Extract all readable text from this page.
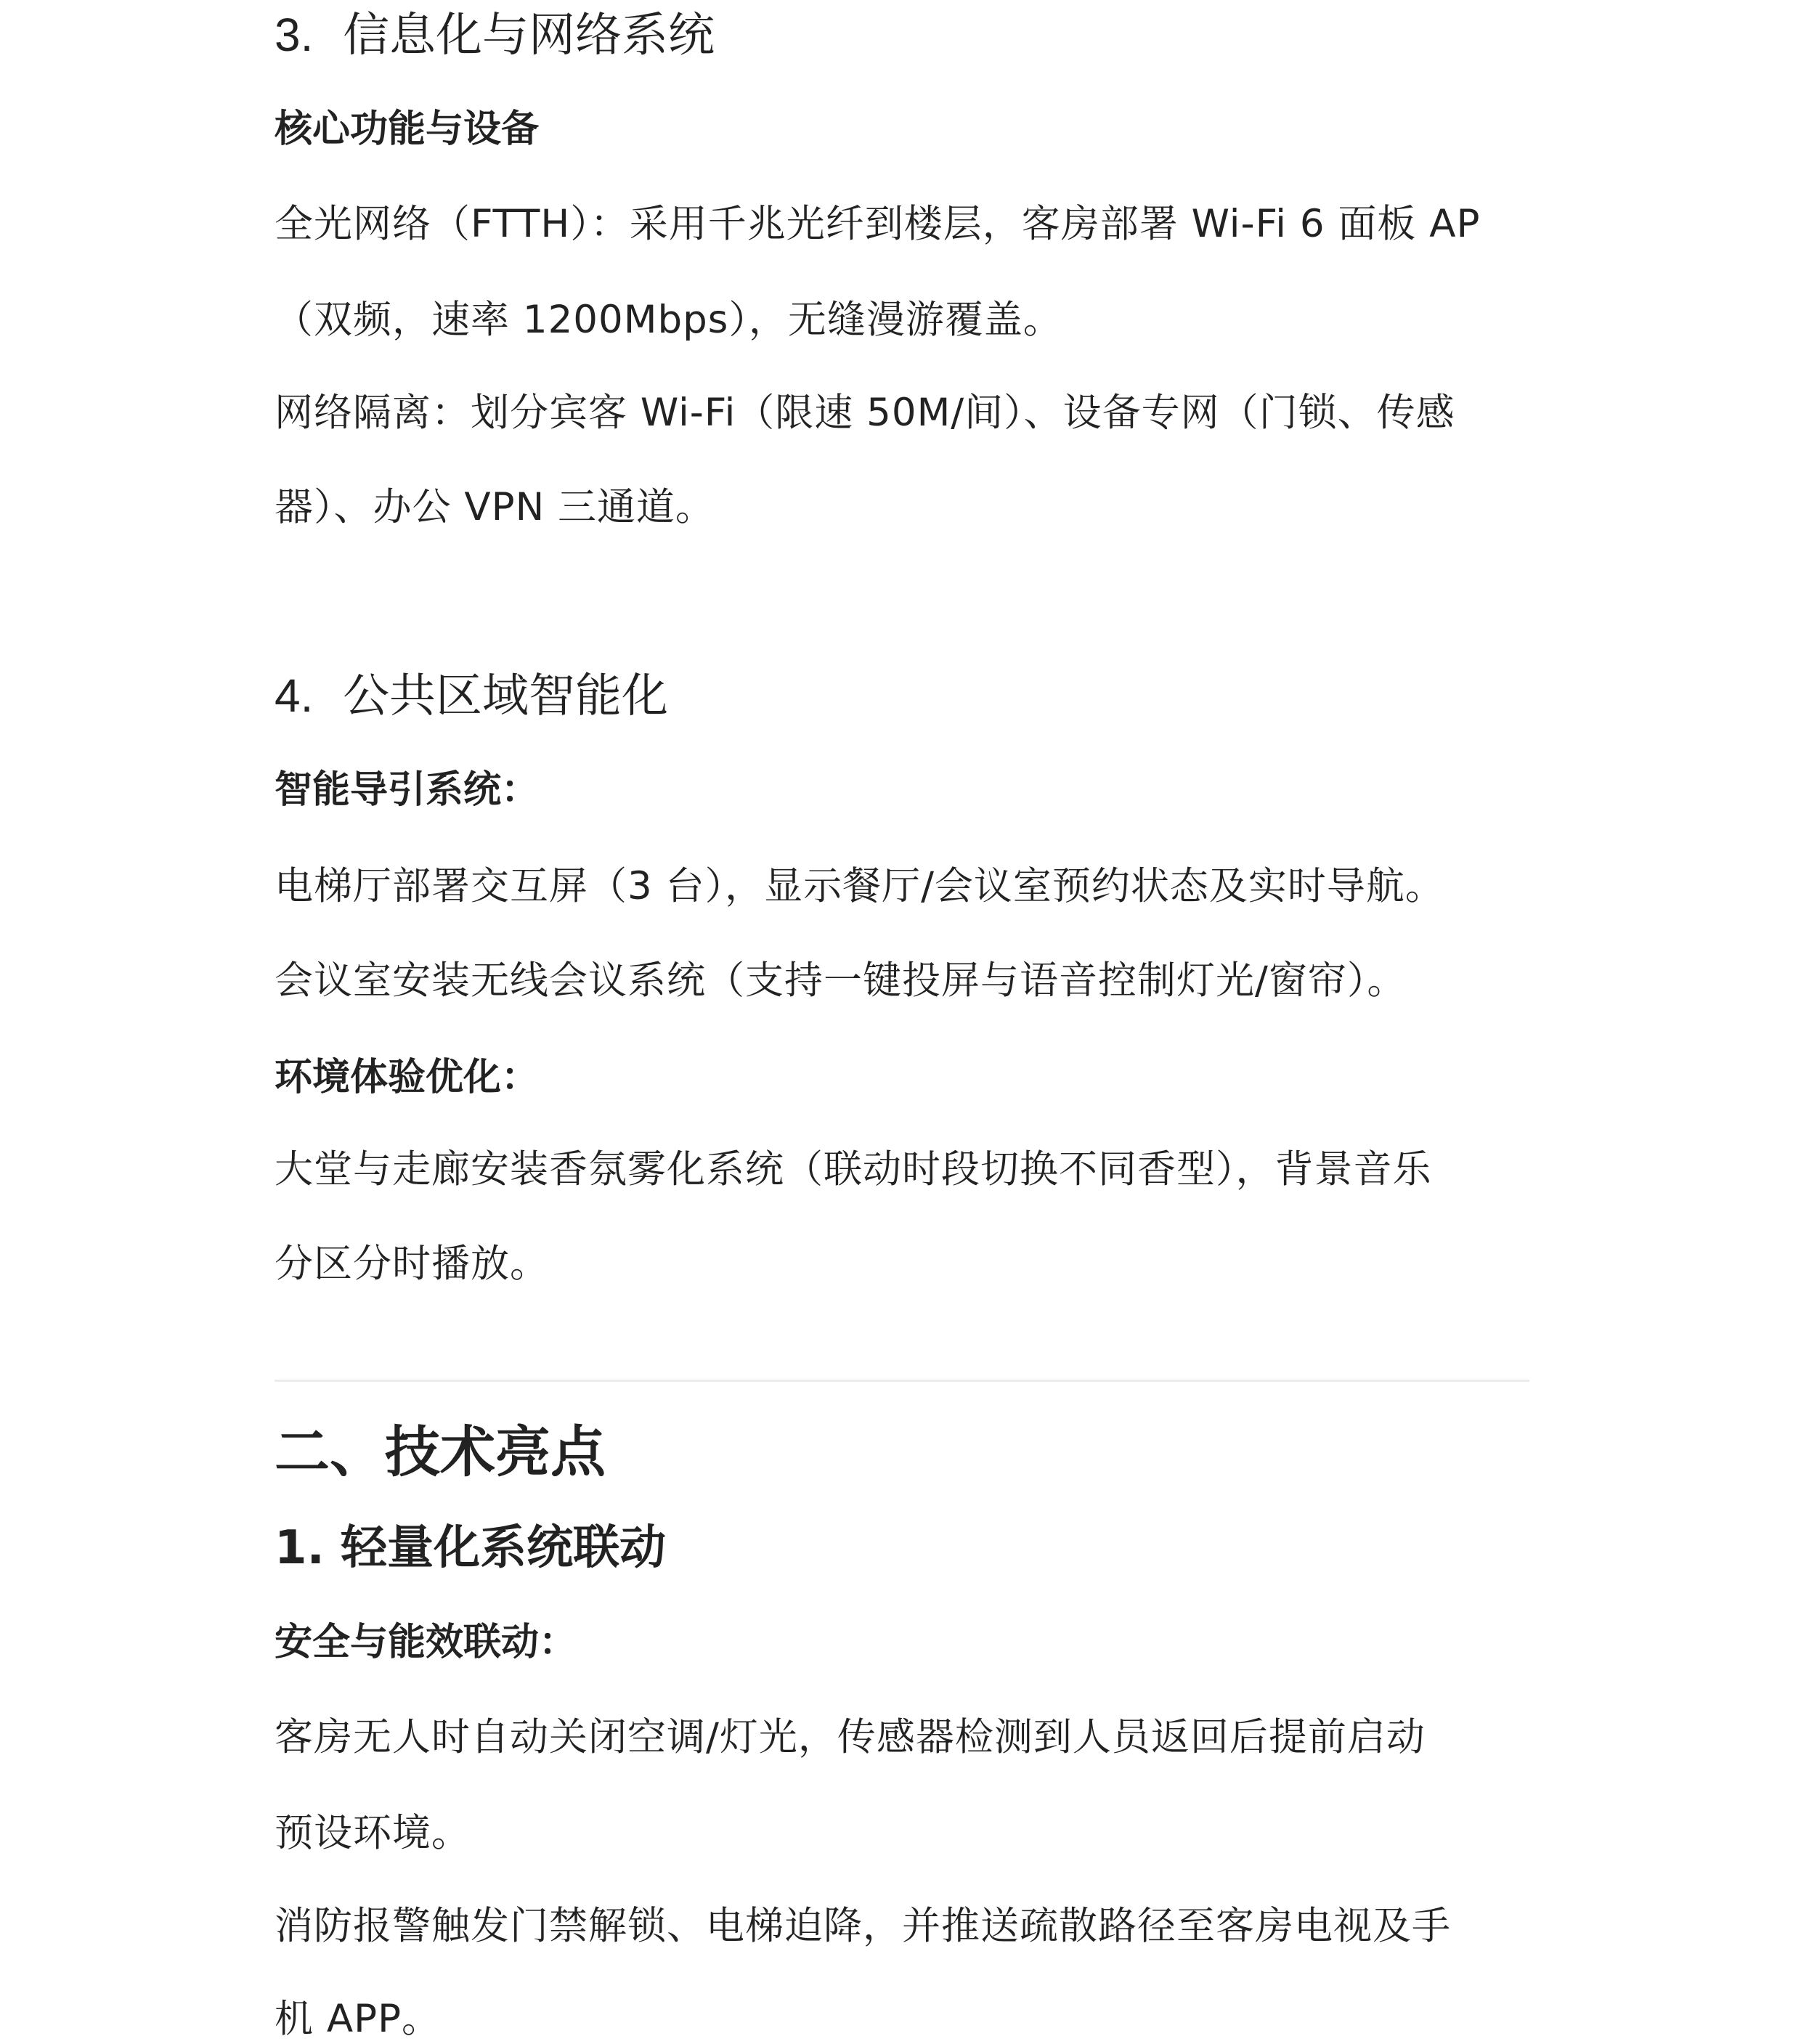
3. 信息化与网络系统
核心功能与设备

全光网络（FTTH）：采用千兆光纤到楼层，客房部署 Wi-Fi 6 面板 AP

（双频，速率 1200Mbps），无缝漫游覆盖。

网络隔离：划分宾客 Wi-Fi（限速 50M/间）、设备专网（门锁、传感

器）、办公 VPN 三通道。

4. 公共区域智能化
智能导引系统：

电梯厅部署交互屏（3 台），显示餐厅/会议室预约状态及实时导航。

会议室安装无线会议系统（支持一键投屏与语音控制灯光/窗帘）。

环境体验优化：

大堂与走廊安装香氛雾化系统（联动时段切换不同香型），背景音乐

分区分时播放。

二、技术亮点
1. 轻量化系统联动
安全与能效联动：

客房无人时自动关闭空调/灯光，传感器检测到人员返回后提前启动

预设环境。

消防报警触发门禁解锁、电梯迫降，并推送疏散路径至客房电视及手

机 APP。
